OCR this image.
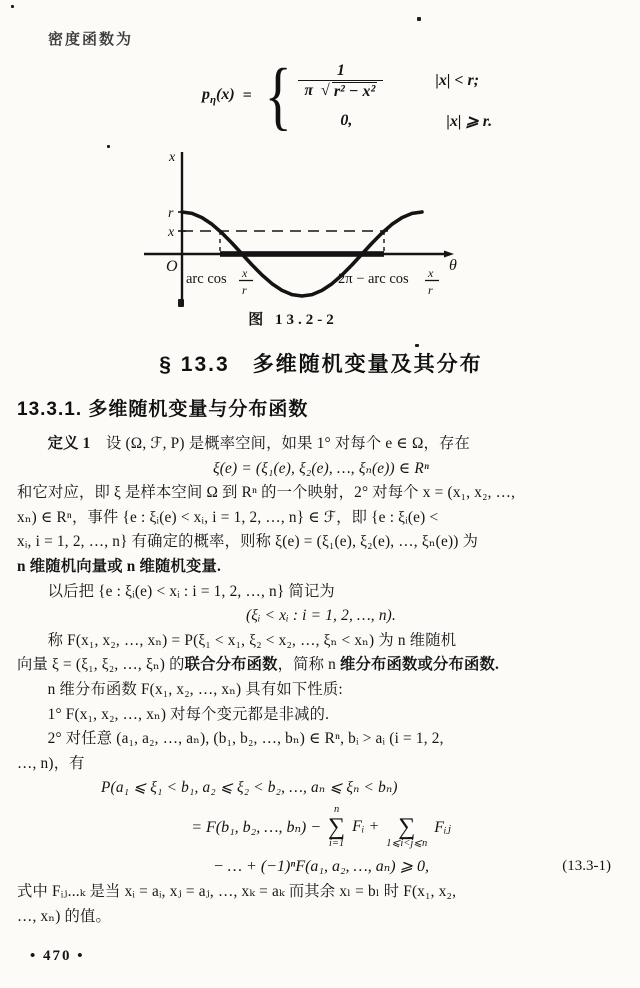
密度函数为
$p_\eta(x)$ = { 1
π
√ r² − x²	|x| < r;
0,	|x| ⩾ r.
x
r
x
O	θ
arc cos x
r
2π − arc cos x
r
图 13.2-2
§ 13.3　多维随机变量及其分布
13.3.1. 多维随机变量与分布函数

定义 1　设 (Ω, ℱ, P) 是概率空间，如果 1° 对每个 e ∈ Ω，存在

ξ(e) = (ξ₁(e), ξ₂(e), …, ξₙ(e)) ∈ Rⁿ

和它对应，即 ξ 是样本空间 Ω 到 Rⁿ 的一个映射，2° 对每个 x = (x₁, x₂, …,

xₙ) ∈ Rⁿ，事件 {e : ξᵢ(e) < xᵢ, i = 1, 2, …, n} ∈ ℱ，即 {e : ξᵢ(e) <

xᵢ, i = 1, 2, …, n} 有确定的概率，则称 ξ(e) = (ξ₁(e), ξ₂(e), …, ξₙ(e)) 为

n 维随机向量或 n 维随机变量.

以后把 {e : ξᵢ(e) < xᵢ : i = 1, 2, …, n} 简记为

(ξᵢ < xᵢ : i = 1, 2, …, n).

称 F(x₁, x₂, …, xₙ) = P(ξ₁ < x₁, ξ₂ < x₂, …, ξₙ < xₙ) 为 n 维随机

向量 ξ = (ξ₁, ξ₂, …, ξₙ) 的联合分布函数，简称 n 维分布函数或分布函数.

n 维分布函数 F(x₁, x₂, …, xₙ) 具有如下性质:

1° F(x₁, x₂, …, xₙ) 对每个变元都是非减的.

2° 对任意 (a₁, a₂, …, aₙ), (b₁, b₂, …, bₙ) ∈ Rⁿ, bᵢ > aᵢ (i = 1, 2,

…, n)，有

P(a₁ ⩽ ξ₁ < b₁, a₂ ⩽ ξ₂ < b₂, …, aₙ ⩽ ξₙ < bₙ)

= F(b₁, b₂, …, bₙ) −
n
∑
i=1
Fᵢ +
∑
1⩽i<j⩽n
Fᵢⱼ
− … + (−1)ⁿF(a₁, a₂, …, aₙ) ⩾ 0,	(13.3-1)

式中 Fᵢⱼ...ₖ 是当 xᵢ = aᵢ, xⱼ = aⱼ, …, xₖ = aₖ 而其余 xₗ = bₗ 时 F(x₁, x₂,

…, xₙ) 的值。

• 470 •
